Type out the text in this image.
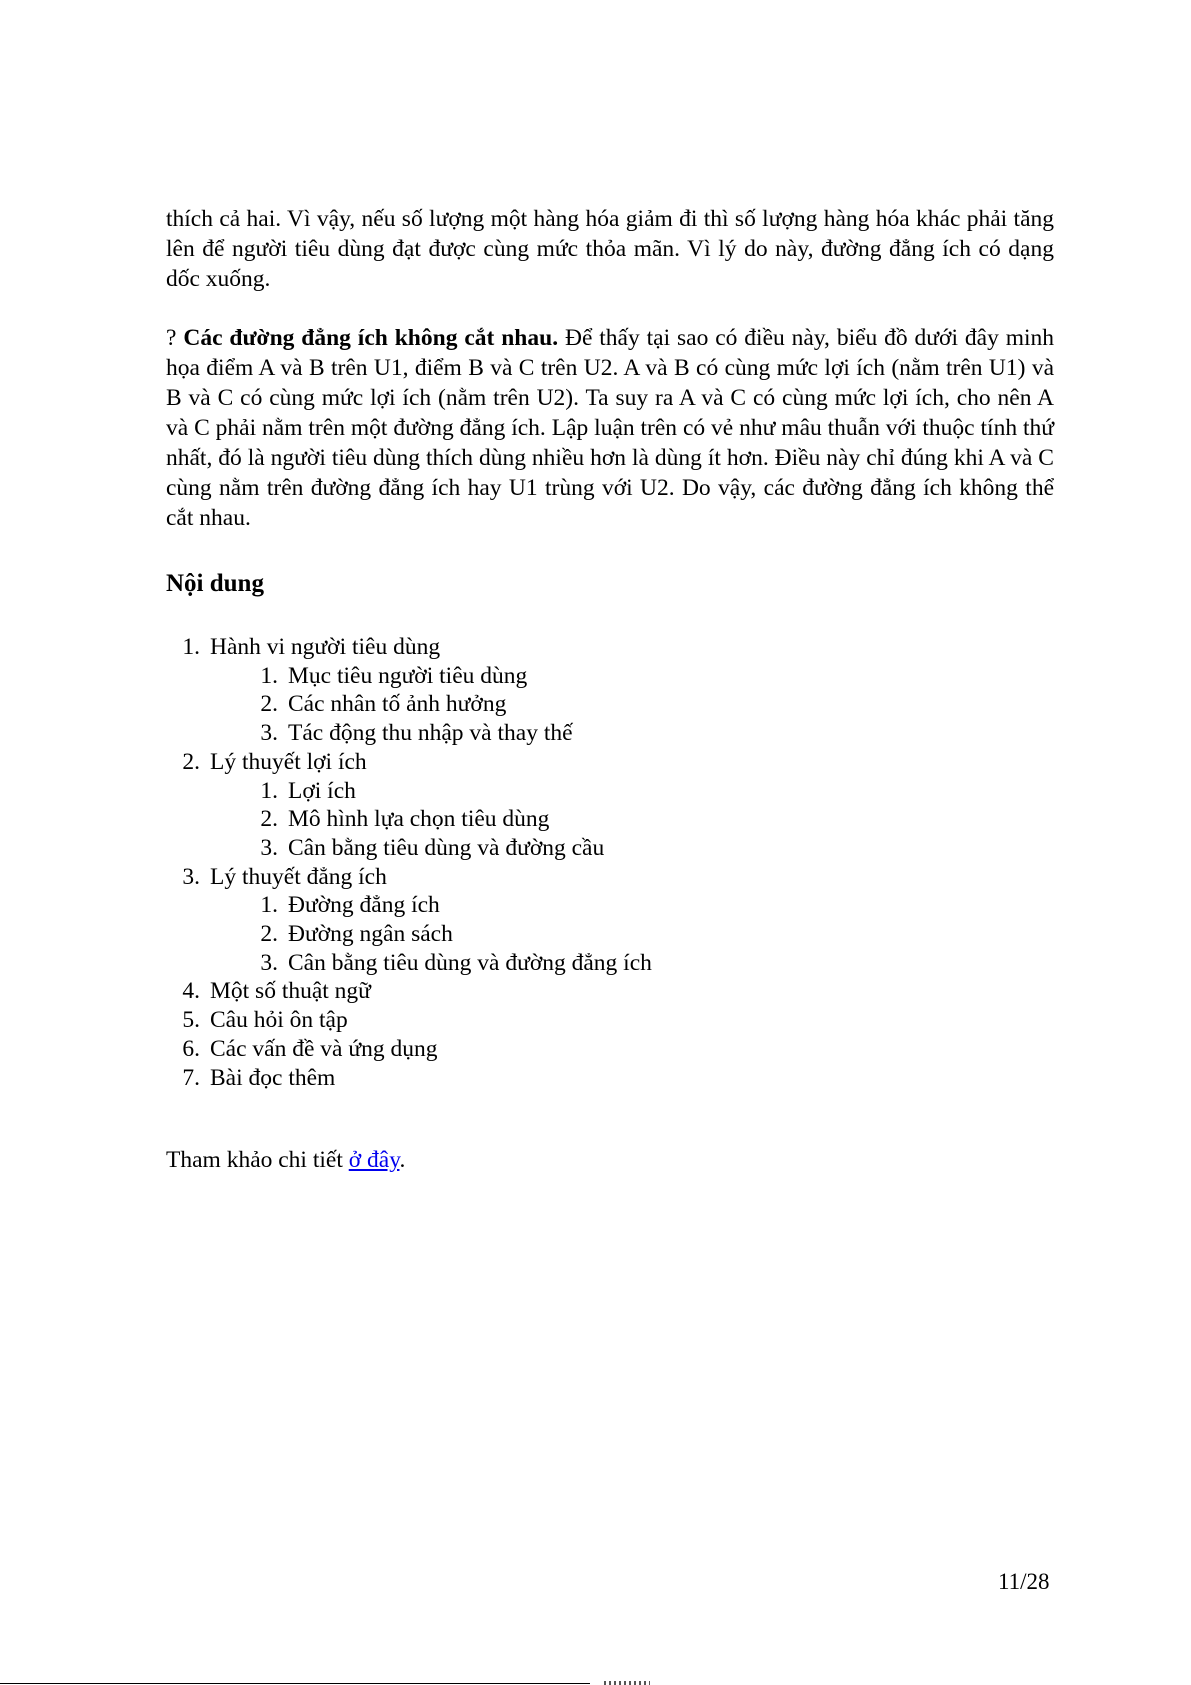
thích cả hai. Vì vậy, nếu số lượng một hàng hóa giảm đi thì số lượng hàng hóa khác phải tăng lên để người tiêu dùng đạt được cùng mức thỏa mãn. Vì lý do này, đường đẳng ích có dạng dốc xuống.

? Các đường đẳng ích không cắt nhau. Để thấy tại sao có điều này, biểu đồ dưới đây minh họa điểm A và B trên U1, điểm B và C trên U2. A và B có cùng mức lợi ích (nằm trên U1) và B và C có cùng mức lợi ích (nằm trên U2). Ta suy ra A và C có cùng mức lợi ích, cho nên A và C phải nằm trên một đường đẳng ích. Lập luận trên có vẻ như mâu thuẫn với thuộc tính thứ nhất, đó là người tiêu dùng thích dùng nhiều hơn là dùng ít hơn. Điều này chỉ đúng khi A và C cùng nằm trên đường đẳng ích hay U1 trùng với U2. Do vậy, các đường đẳng ích không thể cắt nhau.

Nội dung
1. Hành vi người tiêu dùng
1. Mục tiêu người tiêu dùng
2. Các nhân tố ảnh hưởng
3. Tác động thu nhập và thay thế
2. Lý thuyết lợi ích
1. Lợi ích
2. Mô hình lựa chọn tiêu dùng
3. Cân bằng tiêu dùng và đường cầu
3. Lý thuyết đẳng ích
1. Đường đẳng ích
2. Đường ngân sách
3. Cân bằng tiêu dùng và đường đẳng ích
4. Một số thuật ngữ
5. Câu hỏi ôn tập
6. Các vấn đề và ứng dụng
7. Bài đọc thêm
Tham khảo chi tiết ở đây.
11/28
